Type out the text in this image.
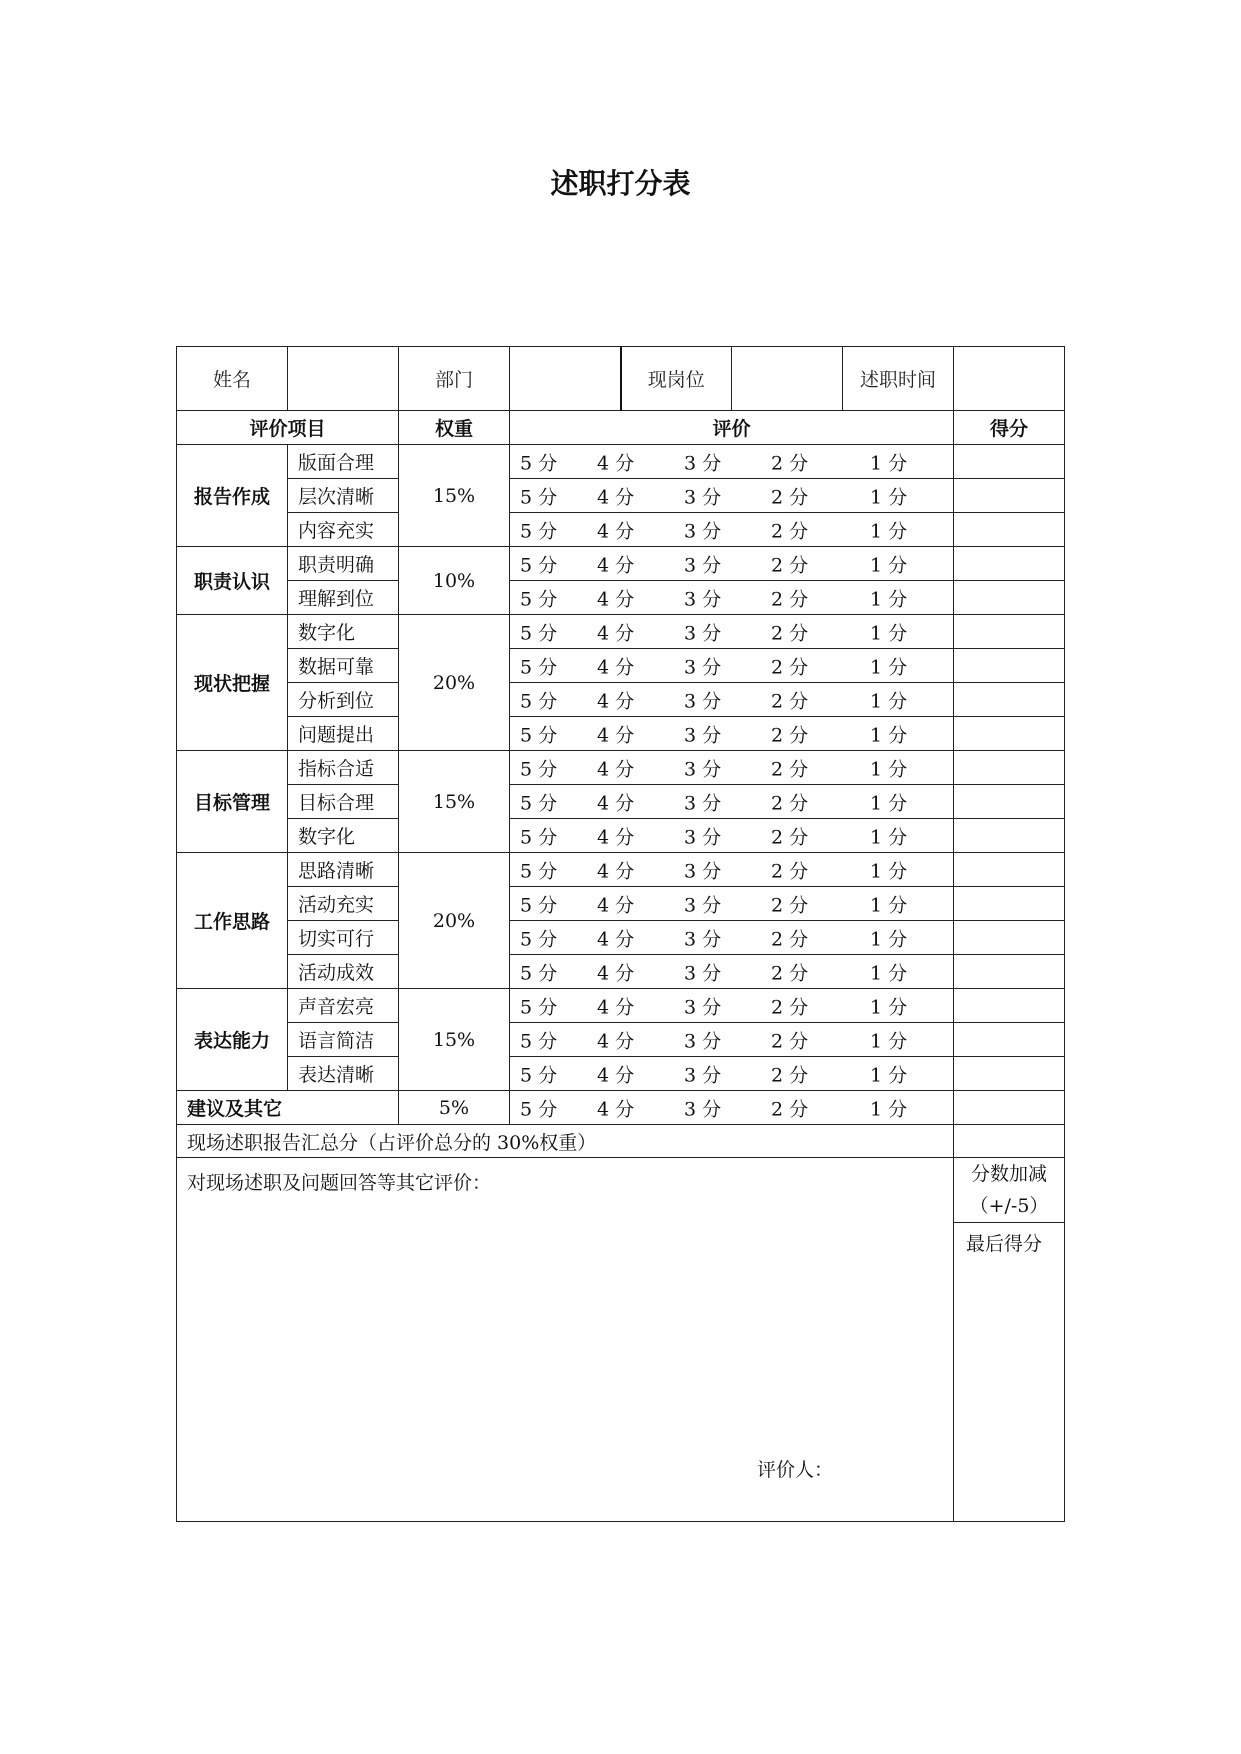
述职打分表
姓名		部门		现岗位		述职时间	
评价项目		权重	评价				得分
报告作成	版面合理	15%	5 分 4 分 3 分 2 分 1 分				

	层次清晰		5 分 4 分 3 分 2 分 1 分				

	内容充实		5 分 4 分 3 分 2 分 1 分				

职责认识	职责明确	10%	5 分 4 分 3 分 2 分 1 分				

	理解到位		5 分 4 分 3 分 2 分 1 分				

现状把握	数字化	20%	5 分 4 分 3 分 2 分 1 分				

	数据可靠		5 分 4 分 3 分 2 分 1 分				

	分析到位		5 分 4 分 3 分 2 分 1 分				

	问题提出		5 分 4 分 3 分 2 分 1 分				

目标管理	指标合适	15%	5 分 4 分 3 分 2 分 1 分				

	目标合理		5 分 4 分 3 分 2 分 1 分				

	数字化		5 分 4 分 3 分 2 分 1 分				

工作思路	思路清晰	20%	5 分 4 分 3 分 2 分 1 分				

	活动充实		5 分 4 分 3 分 2 分 1 分				

	切实可行		5 分 4 分 3 分 2 分 1 分				

	活动成效		5 分 4 分 3 分 2 分 1 分				

表达能力	声音宏亮	15%	5 分 4 分 3 分 2 分 1 分				

	语言简洁		5 分 4 分 3 分 2 分 1 分				

	表达清晰		5 分 4 分 3 分 2 分 1 分				

建议及其它		5%	5 分 4 分 3 分 2 分 1 分				

现场述职报告汇总分（占评价总分的 30%权重）							

对现场述职及问题回答等其它评价：
评价人：							分数加减
（+/-5）

							最后得分
